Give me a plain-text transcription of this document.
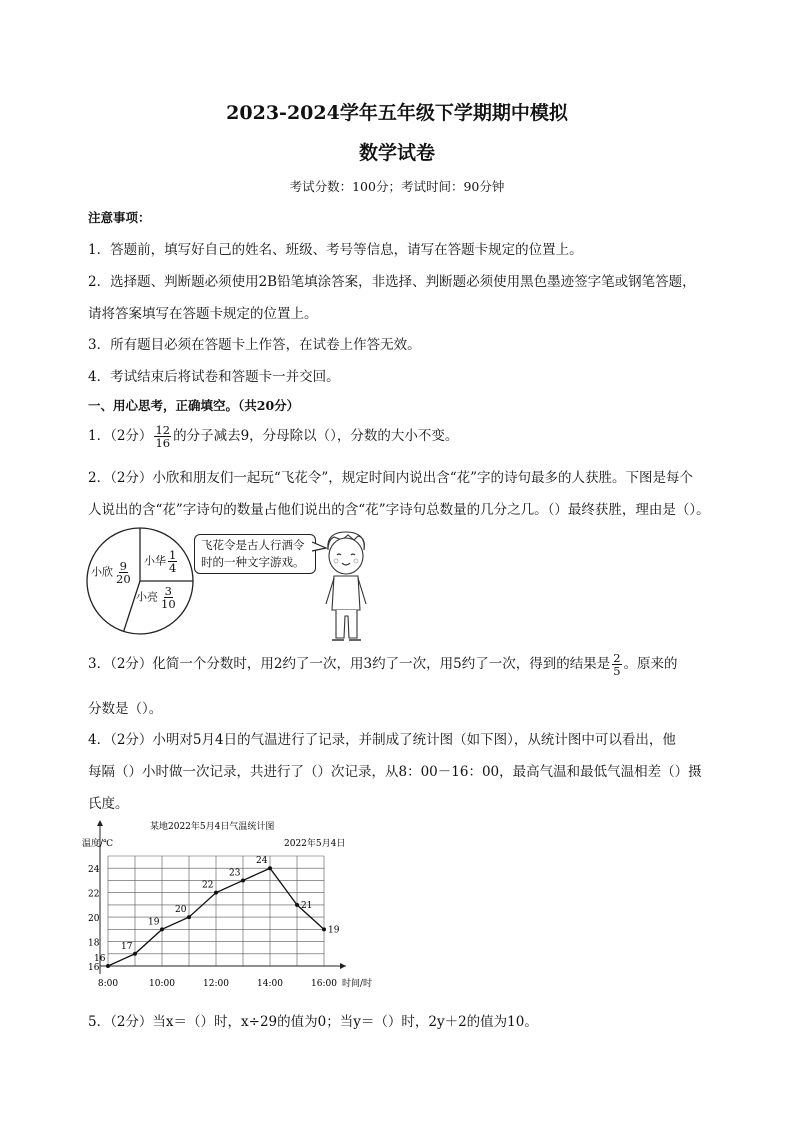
2023-2024学年五年级下学期期中模拟
数学试卷
考试分数：100分；考试时间：90分钟
注意事项：
1．答题前，填写好自己的姓名、班级、考号等信息，请写在答题卡规定的位置上。
2．选择题、判断题必须使用2B铅笔填涂答案，非选择、判断题必须使用黑色墨迹签字笔或钢笔答题，
请将答案填写在答题卡规定的位置上。
3．所有题目必须在答题卡上作答，在试卷上作答无效。
4．考试结束后将试卷和答题卡一并交回。
一、用心思考，正确填空。（共20分）
1．（2分） $\frac{12}{16}$ 的分子减去9，分母除以（），分数的大小不变。
2．（2分）小欣和朋友们一起玩“飞花令”，规定时间内说出含“花”字的诗句最多的人获胜。下图是每个
人说出的含“花”字诗句的数量占他们说出的含“花”字诗句总数量的几分之几。（）最终获胜，理由是（）。
小欣 $\frac{9}{20}$ 小华 $\frac{1}{4}$
小亮 $\frac{3}{10}$
飞花令是古人行酒令
时的一种文字游戏。
3．（2分）化简一个分数时，用2约了一次，用3约了一次，用5约了一次，得到的结果是 $\frac{2}{5}$ 。原来的
分数是（）。
4．（2分）小明对5月4日的气温进行了记录，并制成了统计图（如下图），从统计图中可以看出，他
每隔（）小时做一次记录，共进行了（）次记录，从8：00－16：00，最高气温和最低气温相差（）摄
氏度。
某地2022年5月4日气温统计图
2022年5月4日
温度/℃
时间/时
16
18
20
22
24
8:00	10:00	12:00	14:00	16:00
16
17
19
20
22
23
24
21
19
5．（2分）当x＝（）时，x÷29的值为0；当y＝（）时，2y＋2的值为10。
